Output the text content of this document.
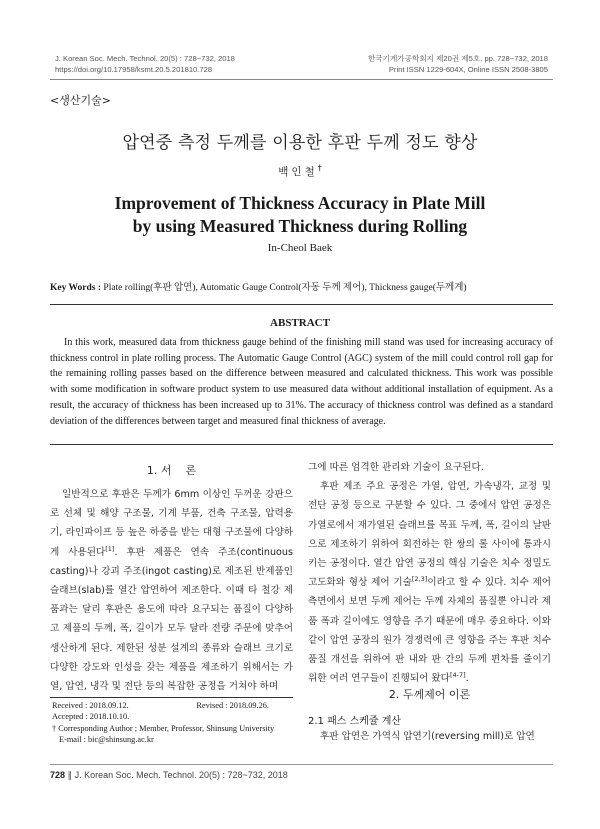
J. Korean Soc. Mech. Technol. 20(5) : 728~732, 2018
https://doi.org/10.17958/ksmt.20.5.201810.728
한국기계가공학회지 제20권 제5호. pp. 728~732, 2018
Print ISSN 1229-604X, Online ISSN 2508-3805
<생산기술>
압연중 측정 두께를 이용한 후판 두께 정도 향상
백인철†
Improvement of Thickness Accuracy in Plate Mill
by using Measured Thickness during Rolling
In-Cheol Baek
Key Words : Plate rolling(후판 압연), Automatic Gauge Control(자동 두께 제어), Thickness gauge(두께계)
ABSTRACT
In this work, measured data from thickness gauge behind of the finishing mill stand was used for increasing accuracy of thickness control in plate rolling process. The Automatic Gauge Control (AGC) system of the mill could control roll gap for the remaining rolling passes based on the difference between measured and calculated thickness. This work was possible with some modification in software product system to use measured data without additional installation of equipment. As a result, the accuracy of thickness has been increased up to 31%. The accuracy of thickness control was defined as a standard deviation of the differences between target and measured final thickness of average.
1. 서    론

일반적으로 후판은 두께가 6mm 이상인 두꺼운 강판으로 선체 및 해양 구조물, 기계 부품, 건축 구조물, 압력용기, 라인파이프 등 높은 하중을 받는 대형 구조물에 다양하게 사용된다[1]. 후판 제품은 연속 주조(continuous casting)나 강괴 주조(ingot casting)로 제조된 반제품인 슬래브(slab)를 열간 압연하여 제조한다. 이때 타 철강 제품과는 달리 후판은 용도에 따라 요구되는 품질이 다양하고 제품의 두께, 폭, 길이가 모두 달라 전량 주문에 맞추어 생산하게 된다. 제한된 성분 설계의 종류와 슬래브 크기로 다양한 강도와 인성을 갖는 제품을 제조하기 위해서는 가열, 압연, 냉각 및 전단 등의 복잡한 공정을 거쳐야 하며

Received : 2018.09.12.	Revised : 2018.09.26.
Accepted : 2018.10.10.
† Corresponding Author ; Member, Professor, Shinsung University
E-mail : bic@shinsung.ac.kr
그에 따른 엄격한 관리와 기술이 요구된다.

후판 제조 주요 공정은 가열, 압연, 가속냉각, 교정 및 전단 공정 등으로 구분할 수 있다. 그 중에서 압연 공정은 가열로에서 재가열된 슬래브를 목표 두께, 폭, 길이의 날판으로 제조하기 위하여 회전하는 한 쌍의 롤 사이에 통과시키는 공정이다. 열간 압연 공정의 핵심 기술은 치수 정밀도 고도화와 형상 제어 기술[2,3]이라고 할 수 있다. 치수 제어 측면에서 보면 두께 제어는 두께 자체의 품질뿐 아니라 제품 폭과 길이에도 영향을 주기 때문에 매우 중요하다. 이와 같이 압연 공장의 원가 경쟁력에 큰 영향을 주는 후판 치수 품질 개선을 위하여 판 내와 판 간의 두께 편차를 줄이기 위한 여러 연구들이 진행되어 왔다[4-7].

2. 두께제어 이론
2.1 패스 스케쥴 계산

후판 압연은 가역식 압연기(reversing mill)로 압연

728 ∥ J. Korean Soc. Mech. Technol. 20(5) : 728~732, 2018
